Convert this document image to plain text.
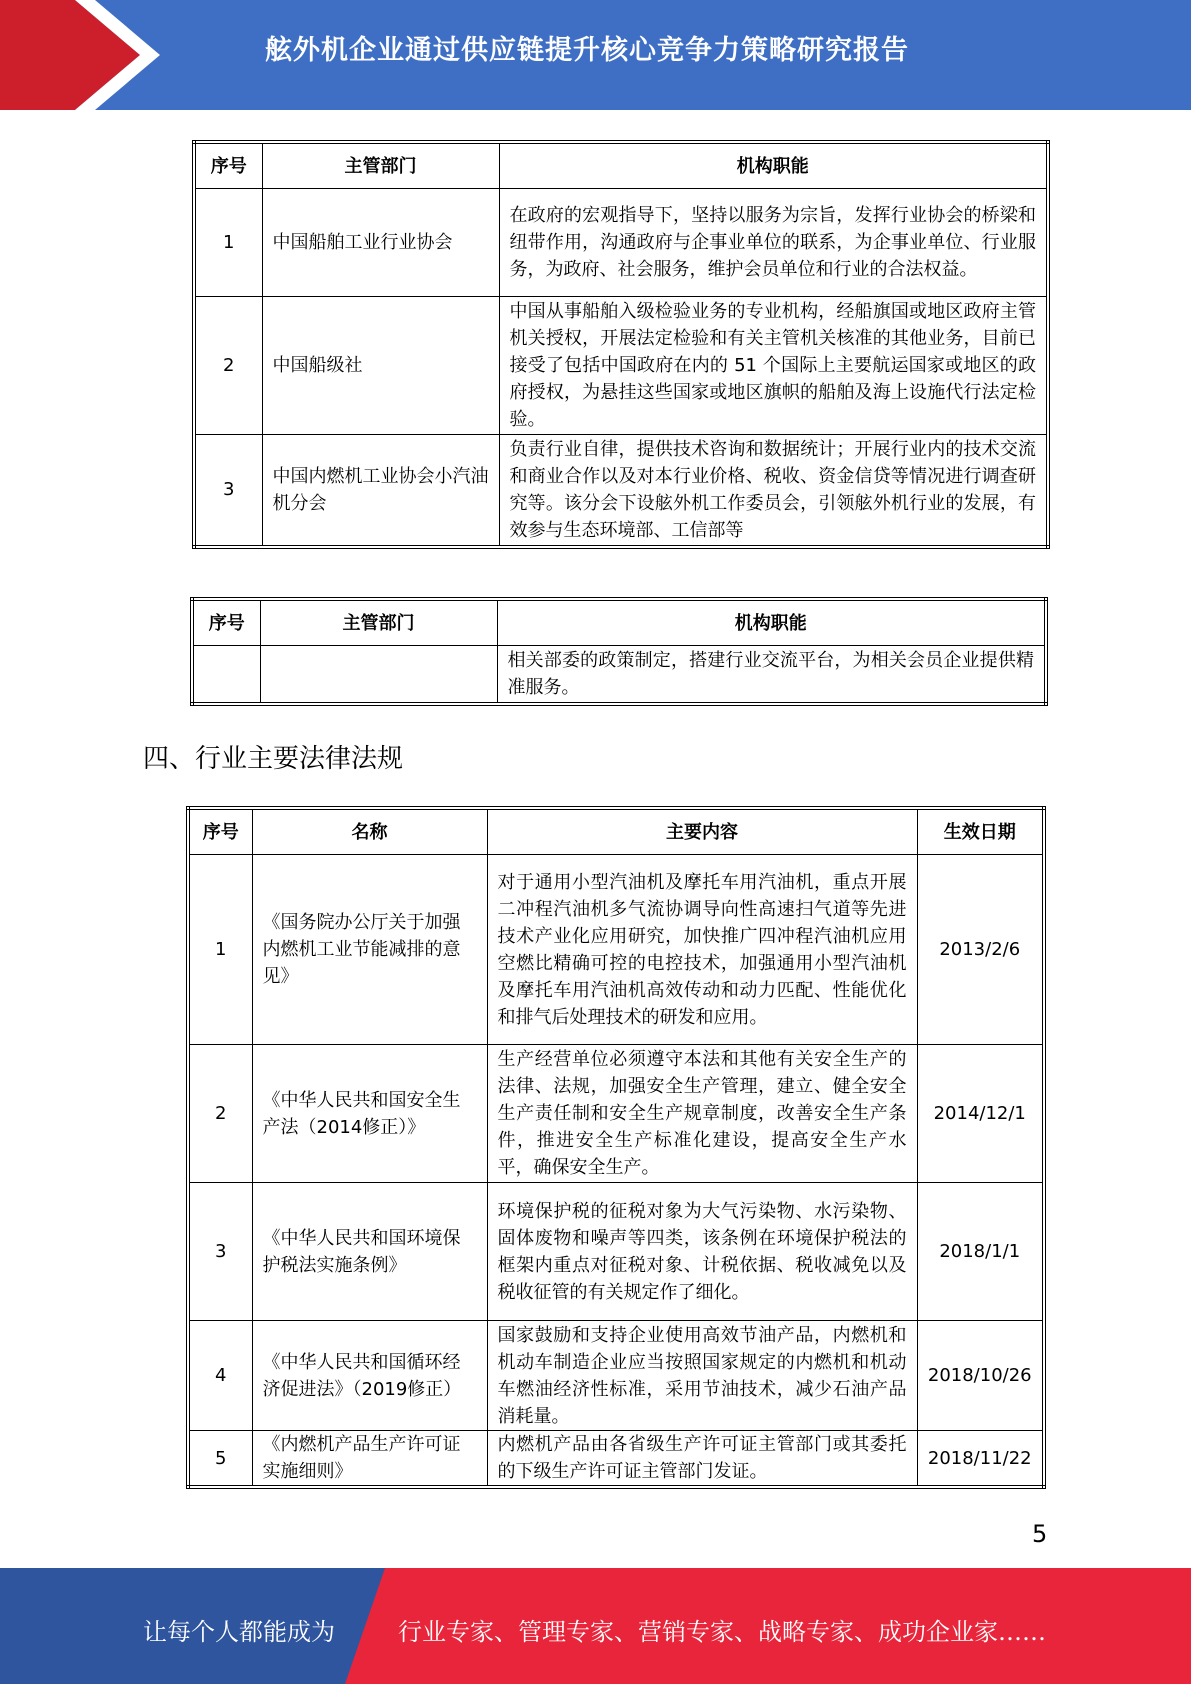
舷外机企业通过供应链提升核心竞争力策略研究报告
序号	主管部门	机构职能
1	中国船舶工业行业协会	在政府的宏观指导下，坚持以服务为宗旨，发挥行业协会的桥梁和纽带作用，沟通政府与企事业单位的联系，为企事业单位、行业服务，为政府、社会服务，维护会员单位和行业的合法权益。
2	中国船级社	中国从事船舶入级检验业务的专业机构，经船旗国或地区政府主管机关授权，开展法定检验和有关主管机关核准的其他业务，目前已接受了包括中国政府在内的 51 个国际上主要航运国家或地区的政府授权，为悬挂这些国家或地区旗帜的船舶及海上设施代行法定检验。
3	中国内燃机工业协会小汽油机分会	负责行业自律，提供技术咨询和数据统计；开展行业内的技术交流和商业合作以及对本行业价格、税收、资金信贷等情况进行调查研究等。该分会下设舷外机工作委员会，引领舷外机行业的发展，有效参与生态环境部、工信部等
序号	主管部门	机构职能
		相关部委的政策制定，搭建行业交流平台，为相关会员企业提供精准服务。
四、行业主要法律法规
序号	名称	主要内容	生效日期
1	《国务院办公厅关于加强内燃机工业节能减排的意见》	对于通用小型汽油机及摩托车用汽油机，重点开展二冲程汽油机多气流协调导向性高速扫气道等先进技术产业化应用研究，加快推广四冲程汽油机应用空燃比精确可控的电控技术，加强通用小型汽油机及摩托车用汽油机高效传动和动力匹配、性能优化和排气后处理技术的研发和应用。	2013/2/6
2	《中华人民共和国安全生产法（2014修正）》	生产经营单位必须遵守本法和其他有关安全生产的法律、法规，加强安全生产管理，建立、健全安全生产责任制和安全生产规章制度，改善安全生产条件，推进安全生产标准化建设，提高安全生产水平，确保安全生产。	2014/12/1
3	《中华人民共和国环境保护税法实施条例》	环境保护税的征税对象为大气污染物、水污染物、固体废物和噪声等四类，该条例在环境保护税法的框架内重点对征税对象、计税依据、税收减免以及税收征管的有关规定作了细化。	2018/1/1
4	《中华人民共和国循环经济促进法》（2019修正）	国家鼓励和支持企业使用高效节油产品，内燃机和机动车制造企业应当按照国家规定的内燃机和机动车燃油经济性标准，采用节油技术，减少石油产品消耗量。	2018/10/26
5	《内燃机产品生产许可证实施细则》	内燃机产品由各省级生产许可证主管部门或其委托的下级生产许可证主管部门发证。	2018/11/22
5
让每个人都能成为	行业专家、管理专家、营销专家、战略专家、成功企业家……
